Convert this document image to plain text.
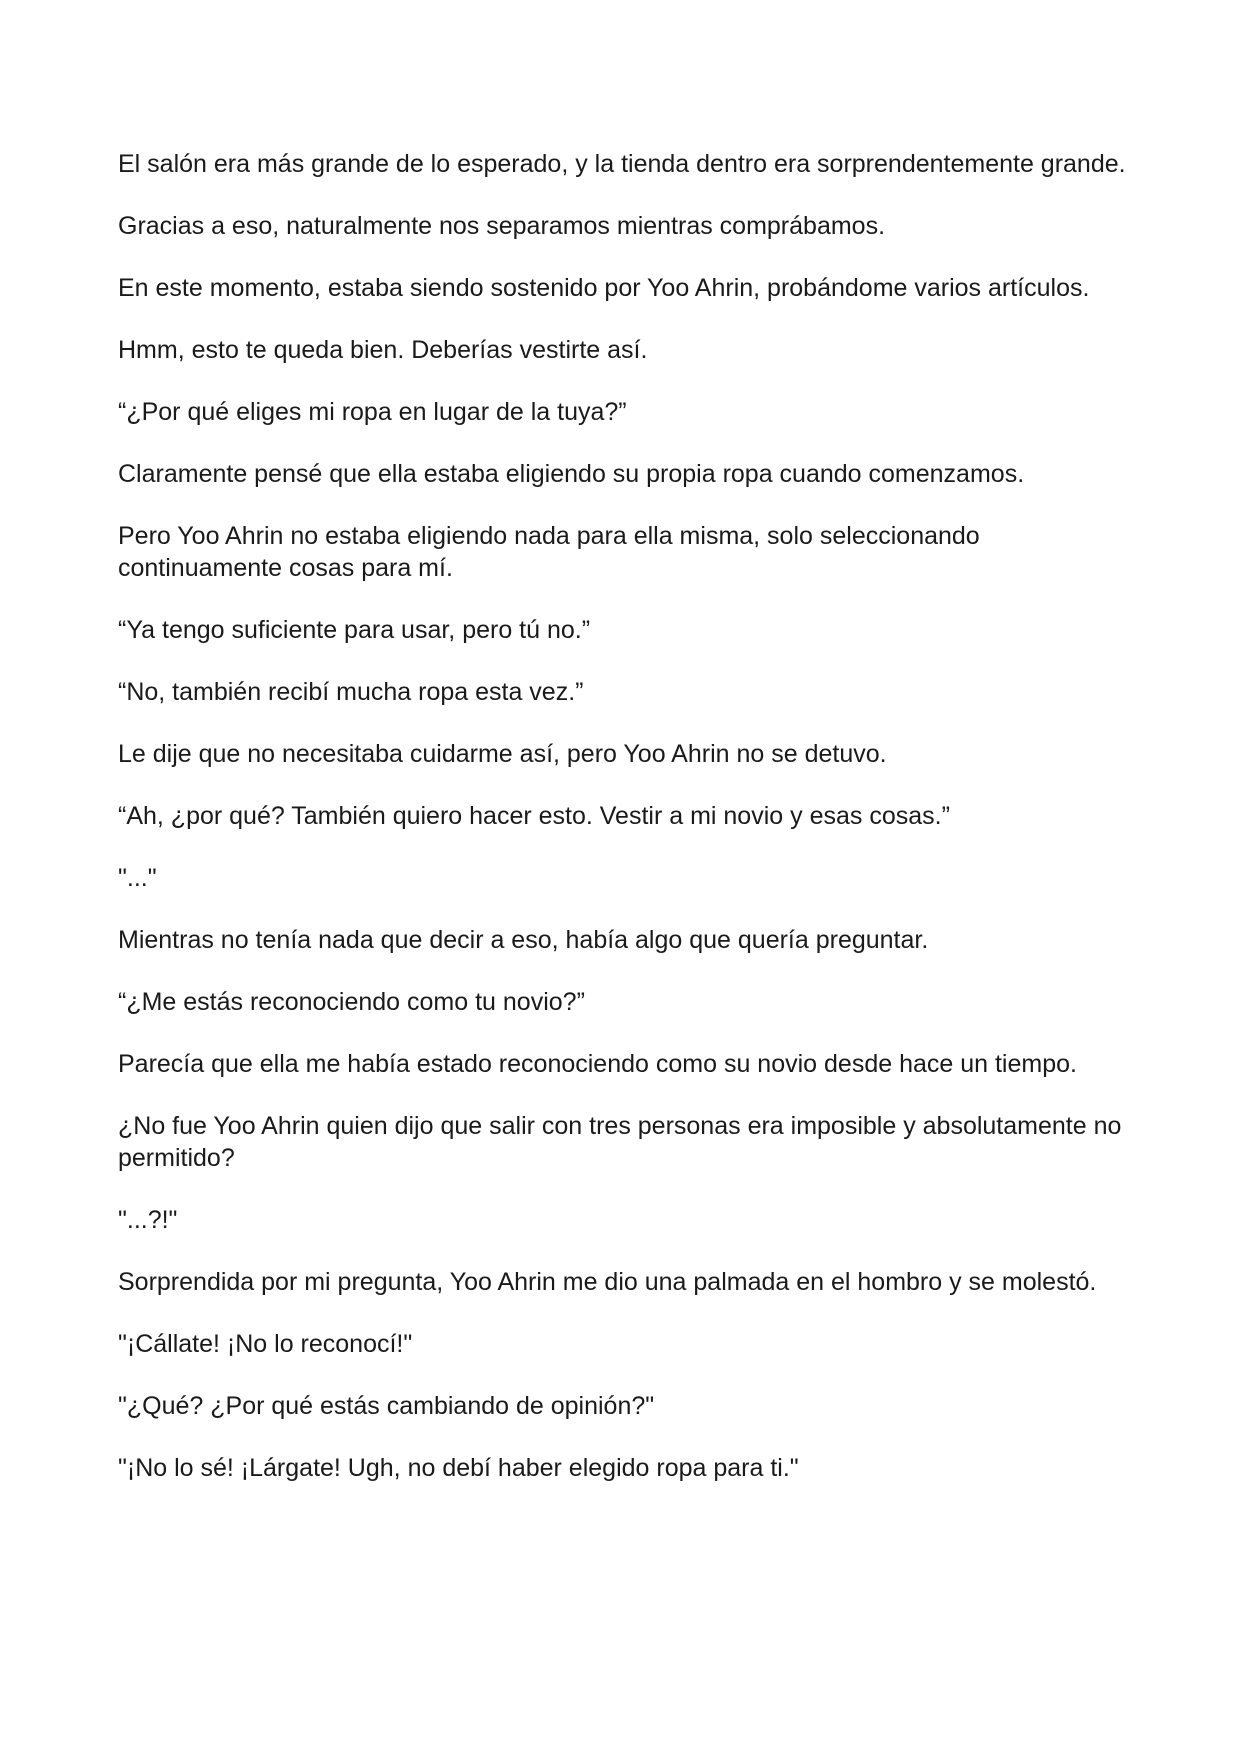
El salón era más grande de lo esperado, y la tienda dentro era sorprendentemente grande.

Gracias a eso, naturalmente nos separamos mientras comprábamos.

En este momento, estaba siendo sostenido por Yoo Ahrin, probándome varios artículos.

Hmm, esto te queda bien. Deberías vestirte así.

“¿Por qué eliges mi ropa en lugar de la tuya?”

Claramente pensé que ella estaba eligiendo su propia ropa cuando comenzamos.

Pero Yoo Ahrin no estaba eligiendo nada para ella misma, solo seleccionando continuamente cosas para mí.

“Ya tengo suficiente para usar, pero tú no.”

“No, también recibí mucha ropa esta vez.”

Le dije que no necesitaba cuidarme así, pero Yoo Ahrin no se detuvo.

“Ah, ¿por qué? También quiero hacer esto. Vestir a mi novio y esas cosas.”

"..."

Mientras no tenía nada que decir a eso, había algo que quería preguntar.

“¿Me estás reconociendo como tu novio?”

Parecía que ella me había estado reconociendo como su novio desde hace un tiempo.

¿No fue Yoo Ahrin quien dijo que salir con tres personas era imposible y absolutamente no permitido?

"...?!"

Sorprendida por mi pregunta, Yoo Ahrin me dio una palmada en el hombro y se molestó.

"¡Cállate! ¡No lo reconocí!"

"¿Qué? ¿Por qué estás cambiando de opinión?"

"¡No lo sé! ¡Lárgate! Ugh, no debí haber elegido ropa para ti."
